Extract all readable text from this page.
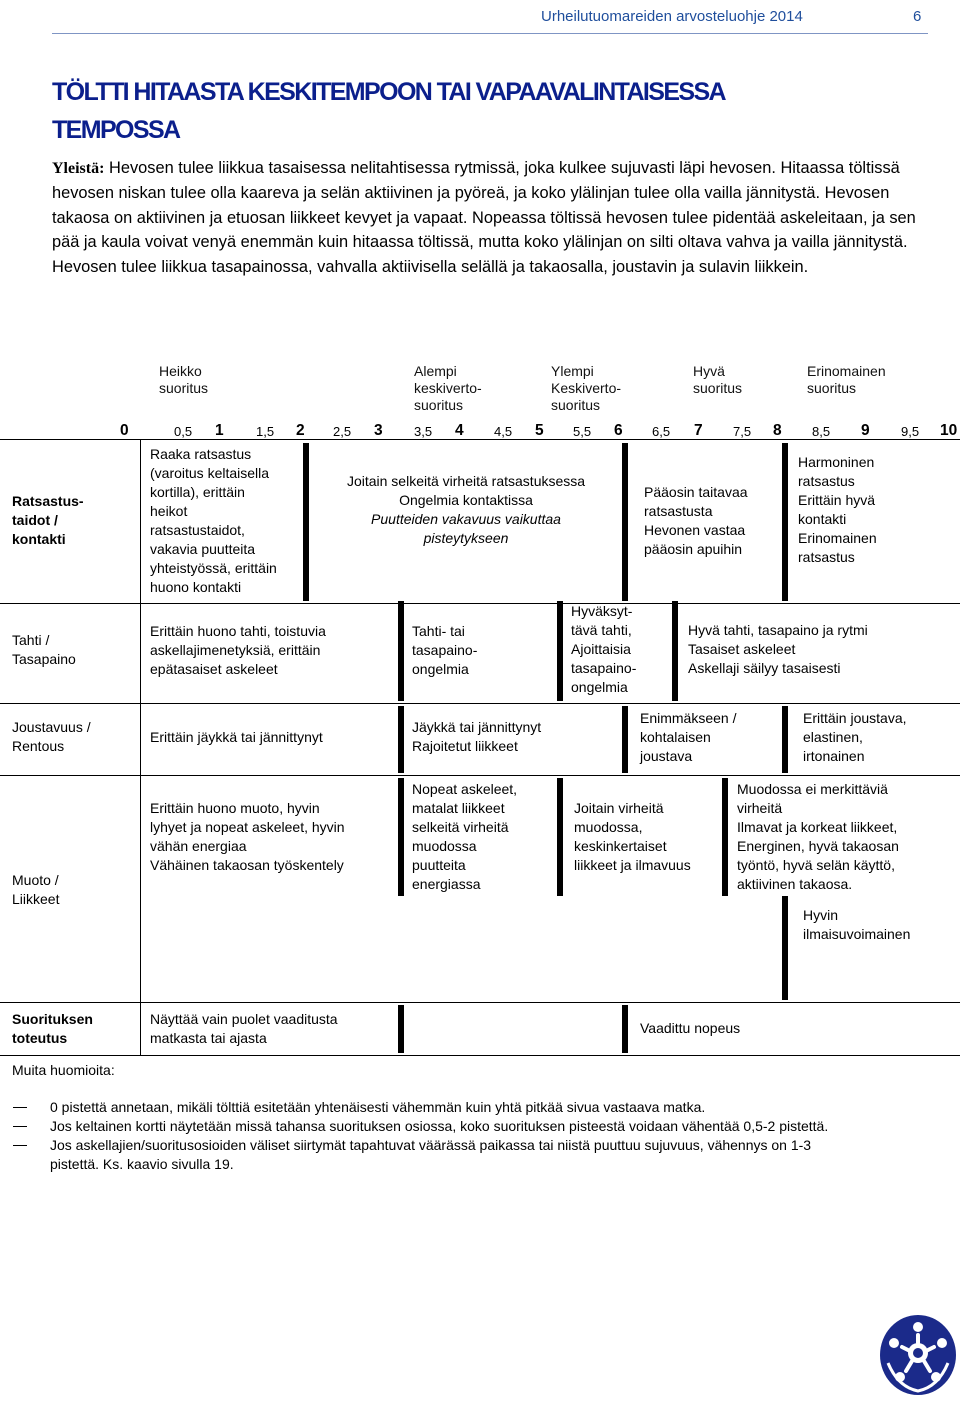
Urheilutuomareiden arvosteluohje 2014	6
TÖLTTI HITAASTA KESKITEMPOON TAI VAPAAVALINTAISESSA
TEMPOSSA
Yleistä: Hevosen tulee liikkua tasaisessa nelitahtisessa rytmissä, joka kulkee sujuvasti läpi hevosen. Hitaassa töltissä hevosen niskan tulee olla kaareva ja selän aktiivinen ja pyöreä, ja koko ylälinjan tulee olla vailla jännitystä. Hevosen takaosa on aktiivinen ja etuosan liikkeet kevyet ja vapaat. Nopeassa töltissä hevosen tulee pidentää askeleitaan, ja sen pää ja kaula voivat venyä enemmän kuin hitaassa töltissä, mutta koko ylälinjan on silti oltava vahva ja vailla jännitystä. Hevosen tulee liikkua tasapainossa, vahvalla aktiivisella selällä ja takaosalla, joustavin ja sulavin liikkein.
Heikko
suoritus
Alempi
keskiverto-
suoritus
Ylempi
Keskiverto-
suoritus
Hyvä
suoritus
Erinomainen
suoritus
0	0,5 1 1,5 2 2,5 3 3,5 4 4,5 5 5,5 6 6,5 7 7,5 8 8,5 9 9,5 10
Ratsastus-
taidot /
kontakti
Raaka ratsastus
(varoitus keltaisella
kortilla), erittäin
heikot
ratsastustaidot,
vakavia puutteita
yhteistyössä, erittäin
huono kontakti
Joitain selkeitä virheitä ratsastuksessa
Ongelmia kontaktissa
Puutteiden vakavuus vaikuttaa
pisteytykseen
Pääosin taitavaa
ratsastusta
Hevonen vastaa
pääosin apuihin
Harmoninen
ratsastus
Erittäin hyvä
kontakti
Erinomainen
ratsastus
Tahti /
Tasapaino
Erittäin huono tahti, toistuvia
askellajimenetyksiä, erittäin
epätasaiset askeleet
Tahti- tai
tasapaino-
ongelmia
Hyväksyt-
tävä tahti,
Ajoittaisia
tasapaino-
ongelmia
Hyvä tahti, tasapaino ja rytmi
Tasaiset askeleet
Askellaji säilyy tasaisesti
Joustavuus /
Rentous
Erittäin jäykkä tai jännittynyt
Jäykkä tai jännittynyt
Rajoitetut liikkeet
Enimmäkseen /
kohtalaisen
joustava
Erittäin joustava,
elastinen,
irtonainen
Muoto /
Liikkeet
Erittäin huono muoto, hyvin
lyhyet ja nopeat askeleet, hyvin
vähän energiaa
Vähäinen takaosan työskentely
Nopeat askeleet,
matalat liikkeet
selkeitä virheitä
muodossa
puutteita
energiassa
Joitain virheitä
muodossa,
keskinkertaiset
liikkeet ja ilmavuus
Muodossa ei merkittäviä
virheitä
Ilmavat ja korkeat liikkeet,
Energinen, hyvä takaosan
työntö, hyvä selän käyttö,
aktiivinen takaosa.
Hyvin
ilmaisuvoimainen
Suorituksen
toteutus
Näyttää vain puolet vaaditusta
matkasta tai ajasta
Vaadittu nopeus
Muita huomioita:
0 pistettä annetaan, mikäli tölttiä esitetään yhtenäisesti vähemmän kuin yhtä pitkää sivua vastaava matka.
Jos keltainen kortti näytetään missä tahansa suorituksen osiossa, koko suorituksen pisteestä voidaan vähentää 0,5-2 pistettä.
Jos askellajien/suoritusosioiden väliset siirtymät tapahtuvat väärässä paikassa tai niistä puuttuu sujuvuus, vähennys on 1-3
pistettä. Ks. kaavio sivulla 19.
